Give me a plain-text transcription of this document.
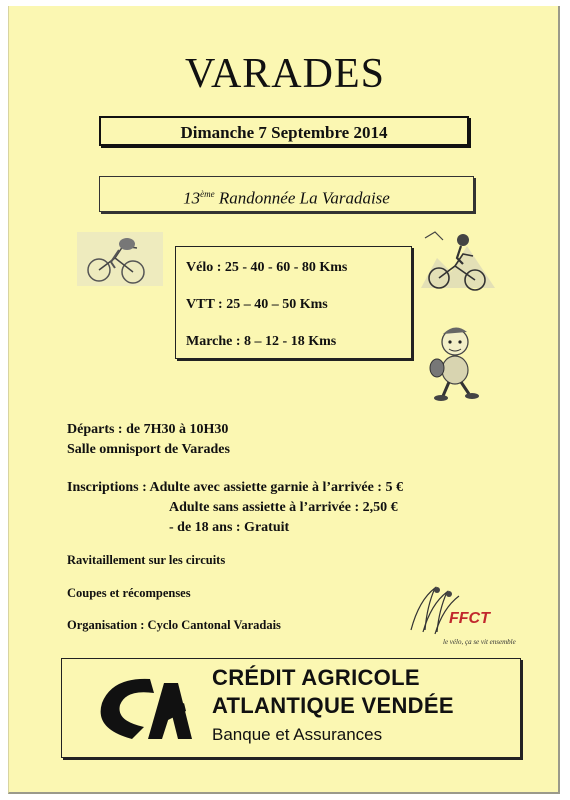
VARADES
Dimanche 7 Septembre 2014
13ème Randonnée La Varadaise
Vélo : 25 - 40 - 60 - 80 Kms
VTT : 25 – 40 – 50 Kms
Marche : 8 – 12 - 18 Kms
Départs : de 7H30 à 10H30
Salle omnisport de Varades
Inscriptions : Adulte avec assiette garnie à l’arrivée : 5 €
Adulte sans assiette à l’arrivée : 2,50 €
- de 18 ans : Gratuit
Ravitaillement sur les circuits
Coupes et récompenses
Organisation : Cyclo Cantonal Varadais	FFCT
le vélo, ça se vit ensemble
CRÉDIT AGRICOLE
ATLANTIQUE VENDÉE
Banque et Assurances
